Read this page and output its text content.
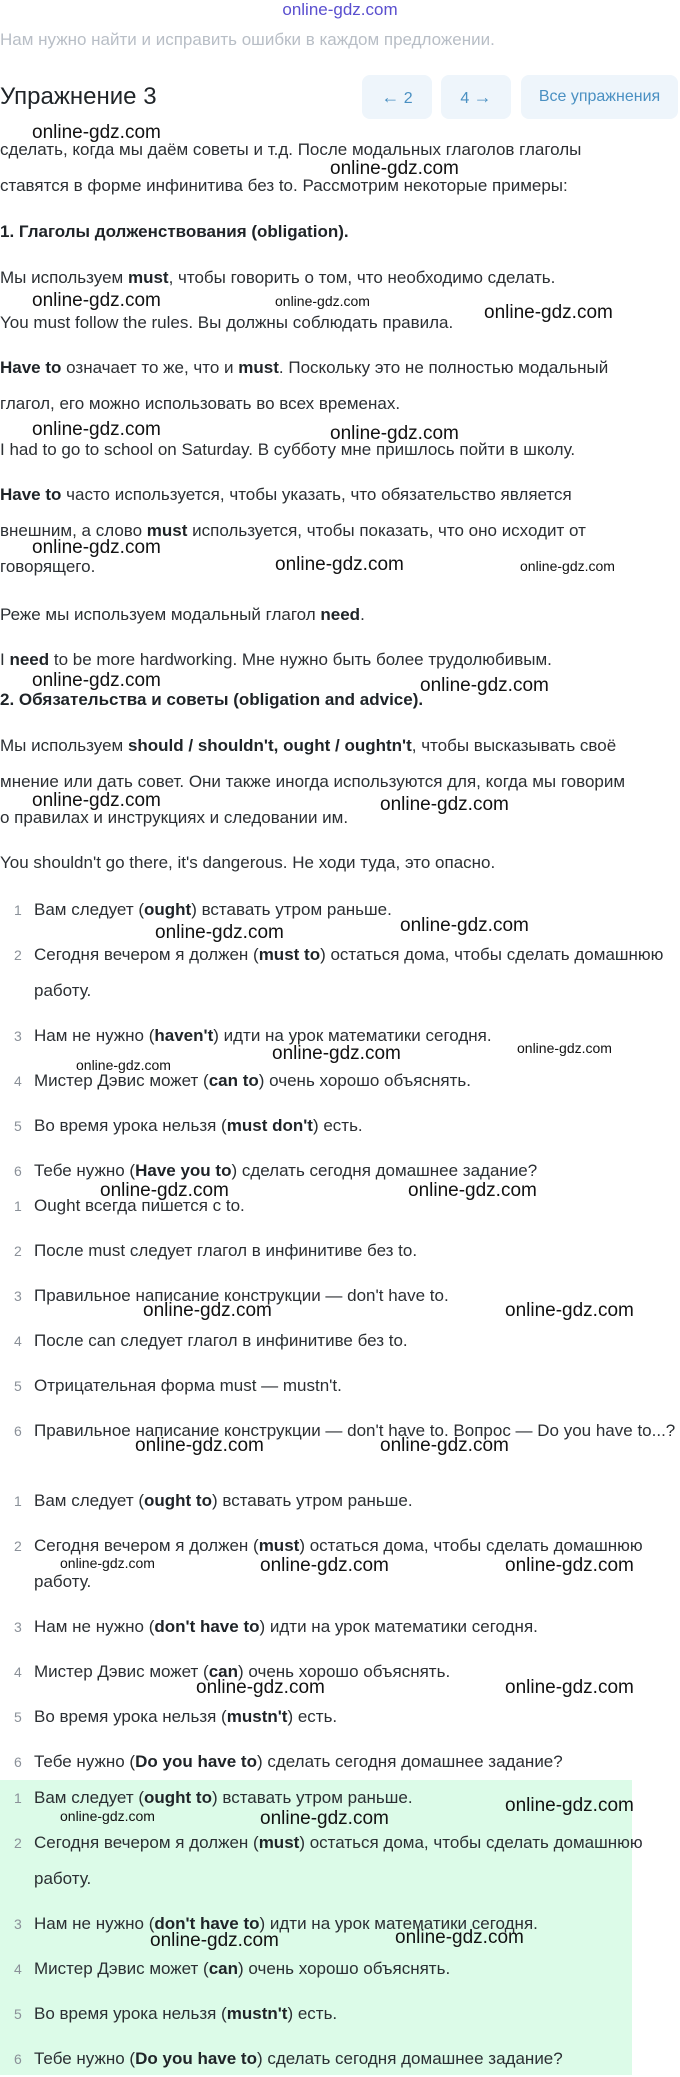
online-gdz.com
Нам нужно найти и исправить ошибки в каждом предложении.
Упражнение 3	← 2	4 →	Все упражнения
сделать, когда мы даём советы и т.д. После модальных глаголов глаголы
ставятся в форме инфинитива без to. Рассмотрим некоторые примеры:
1. Глаголы долженствования (obligation).
Мы используем must, чтобы говорить о том, что необходимо сделать.
You must follow the rules. Вы должны соблюдать правила.
Have to означает то же, что и must. Поскольку это не полностью модальный
глагол, его можно использовать во всех временах.
I had to go to school on Saturday. В субботу мне пришлось пойти в школу.
Have to часто используется, чтобы указать, что обязательство является
внешним, а слово must используется, чтобы показать, что оно исходит от
говорящего.
Реже мы используем модальный глагол need.
I need to be more hardworking. Мне нужно быть более трудолюбивым.
2. Обязательства и советы (obligation and advice).
Мы используем should / shouldn't, ought / oughtn't, чтобы высказывать своё
мнение или дать совет. Они также иногда используются для, когда мы говорим
о правилах и инструкциях и следовании им.
You shouldn't go there, it's dangerous. Не ходи туда, это опасно.
1 Вам следует (ought) вставать утром раньше.
2 Сегодня вечером я должен (must to) остаться дома, чтобы сделать домашнюю работу.
3 Нам не нужно (haven't) идти на урок математики сегодня.
4 Мистер Дэвис может (can to) очень хорошо объяснять.
5 Во время урока нельзя (must don't) есть.
6 Тебе нужно (Have you to) сделать сегодня домашнее задание?
1 Ought всегда пишется с to.
2 После must следует глагол в инфинитиве без to.
3 Правильное написание конструкции — don't have to.
4 После can следует глагол в инфинитиве без to.
5 Отрицательная форма must — mustn't.
6 Правильное написание конструкции — don't have to. Вопрос — Do you have to...?
1 Вам следует (ought to) вставать утром раньше.
2 Сегодня вечером я должен (must) остаться дома, чтобы сделать домашнюю работу.
3 Нам не нужно (don't have to) идти на урок математики сегодня.
4 Мистер Дэвис может (can) очень хорошо объяснять.
5 Во время урока нельзя (mustn't) есть.
6 Тебе нужно (Do you have to) сделать сегодня домашнее задание?
1 Вам следует (ought to) вставать утром раньше.
2 Сегодня вечером я должен (must) остаться дома, чтобы сделать домашнюю работу.
3 Нам не нужно (don't have to) идти на урок математики сегодня.
4 Мистер Дэвис может (can) очень хорошо объяснять.
5 Во время урока нельзя (mustn't) есть.
6 Тебе нужно (Do you have to) сделать сегодня домашнее задание?
online-gdz.com
online-gdz.com
online-gdz.com	online-gdz.com
online-gdz.com
online-gdz.com	online-gdz.com
online-gdz.com
online-gdz.com	online-gdz.com
online-gdz.com	online-gdz.com
online-gdz.com	online-gdz.com
online-gdz.com
online-gdz.com
online-gdz.com	online-gdz.com
online-gdz.com
online-gdz.com	online-gdz.com
online-gdz.com	online-gdz.com
online-gdz.com	online-gdz.com
online-gdz.com	online-gdz.com	online-gdz.com
online-gdz.com	online-gdz.com
online-gdz.com
online-gdz.com	online-gdz.com
online-gdz.com	online-gdz.com
